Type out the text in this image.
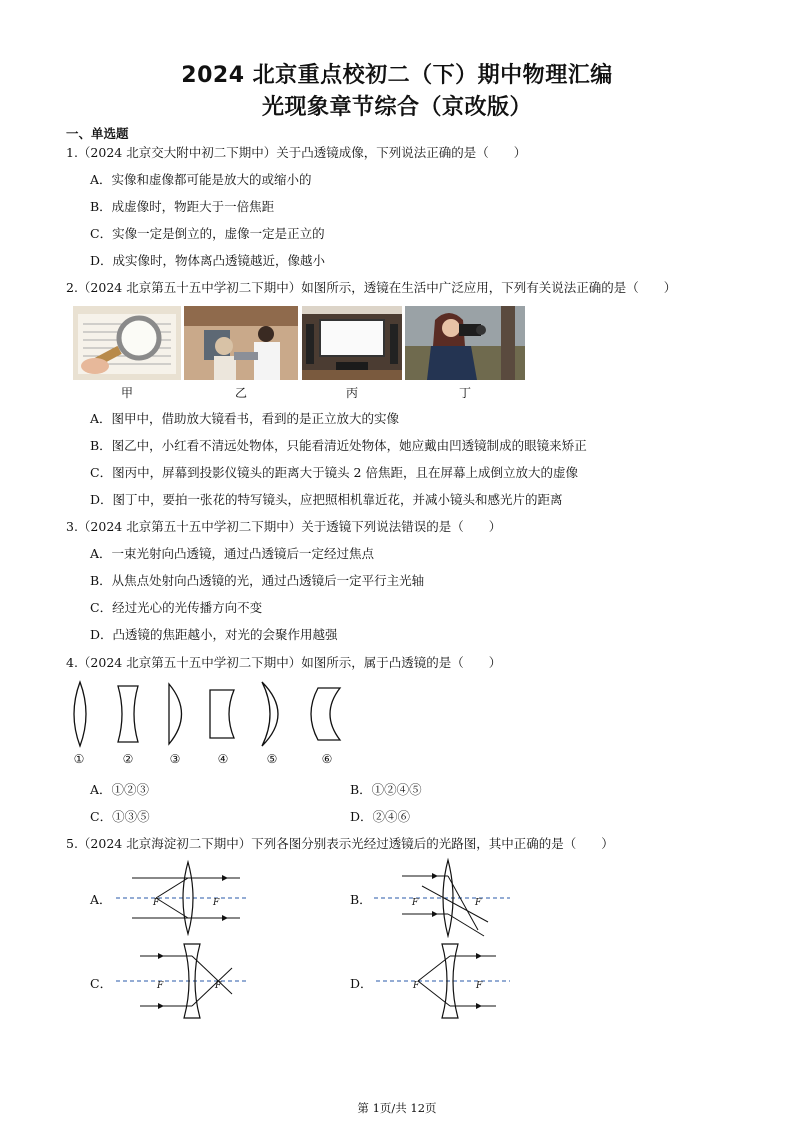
2024 北京重点校初二（下）期中物理汇编
光现象章节综合（京改版）
一、单选题
1.（2024 北京交大附中初二下期中）关于凸透镜成像，下列说法正确的是（　　）
A．实像和虚像都可能是放大的或缩小的
B．成虚像时，物距大于一倍焦距
C．实像一定是倒立的，虚像一定是正立的
D．成实像时，物体离凸透镜越近，像越小
2.（2024 北京第五十五中学初二下期中）如图所示，透镜在生活中广泛应用，下列有关说法正确的是（　　）
甲	乙	丙	丁
A．图甲中，借助放大镜看书，看到的是正立放大的实像
B．图乙中，小红看不清远处物体，只能看清近处物体，她应戴由凹透镜制成的眼镜来矫正
C．图丙中，屏幕到投影仪镜头的距离大于镜头 2 倍焦距，且在屏幕上成倒立放大的虚像
D．图丁中，要拍一张花的特写镜头，应把照相机靠近花，并减小镜头和感光片的距离
3.（2024 北京第五十五中学初二下期中）关于透镜下列说法错误的是（　　）
A．一束光射向凸透镜，通过凸透镜后一定经过焦点
B．从焦点处射向凸透镜的光，通过凸透镜后一定平行主光轴
C．经过光心的光传播方向不变
D．凸透镜的焦距越小，对光的会聚作用越强
4.（2024 北京第五十五中学初二下期中）如图所示，属于凸透镜的是（　　）
①	②	③	④	⑤	⑥
A．①②③	B．①②④⑤
C．①③⑤	D．②④⑥
5.（2024 北京海淀初二下期中）下列各图分别表示光经过透镜后的光路图，其中正确的是（　　）
A．	F	F	B．	F	F
C．	F	F	D．	F	F
第 1页/共 12页
